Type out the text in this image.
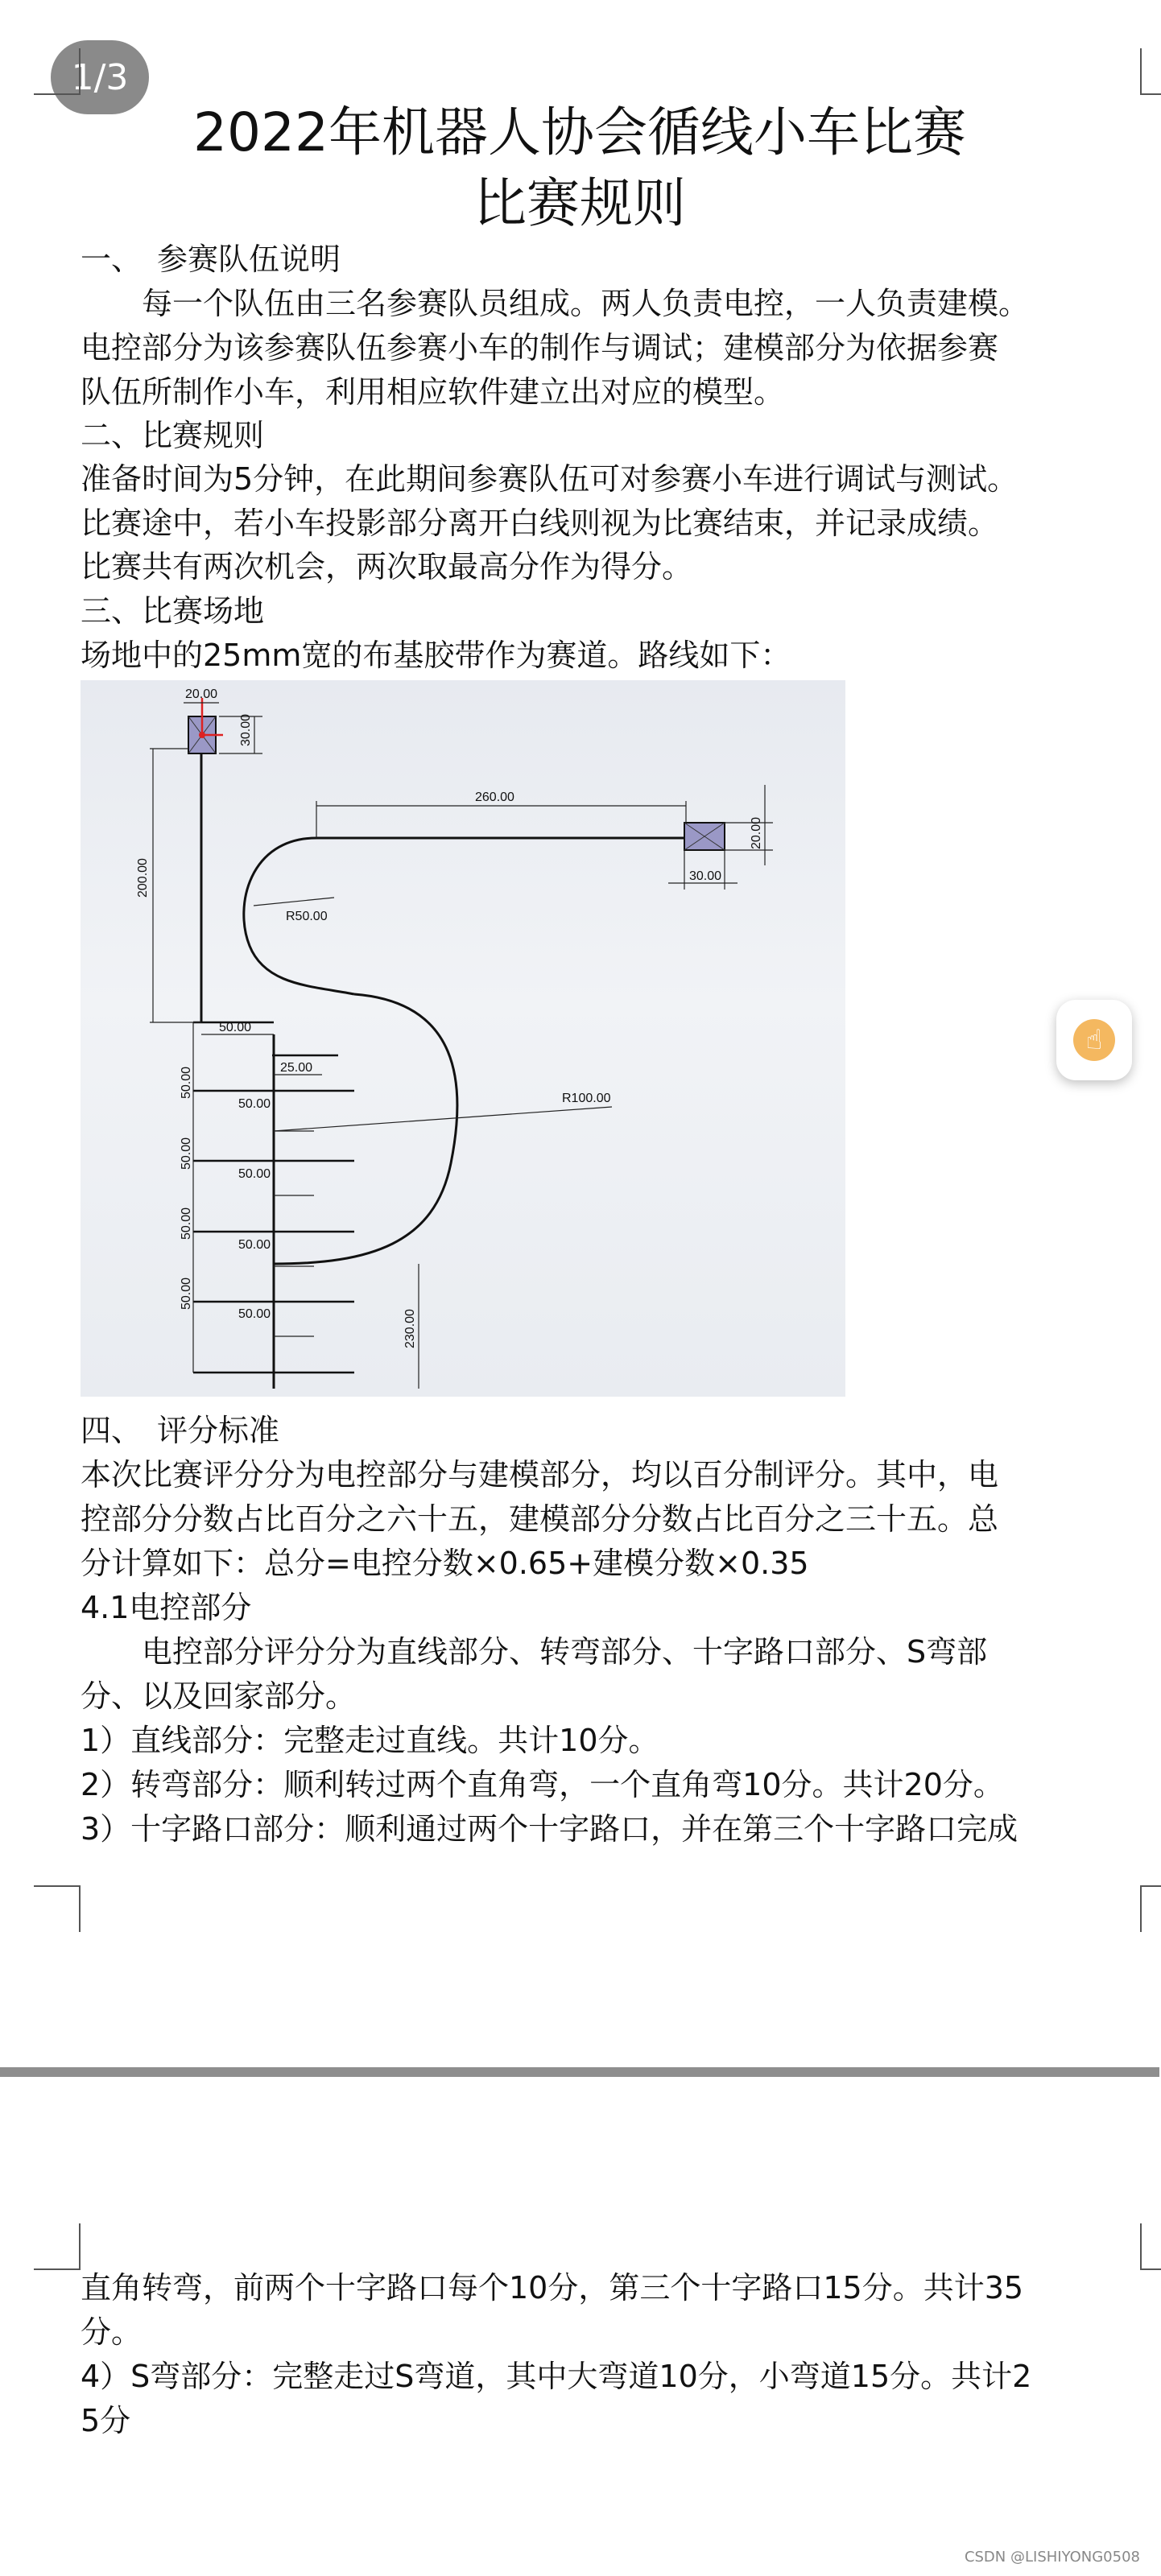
1/3
2022年机器人协会循线小车比赛
比赛规则
一、　参赛队伍说明
　　每一个队伍由三名参赛队员组成。两人负责电控，一人负责建模。
电控部分为该参赛队伍参赛小车的制作与调试；建模部分为依据参赛
队伍所制作小车，利用相应软件建立出对应的模型。
二、比赛规则
准备时间为5分钟，在此期间参赛队伍可对参赛小车进行调试与测试。
比赛途中，若小车投影部分离开白线则视为比赛结束，并记录成绩。
比赛共有两次机会，两次取最高分作为得分。
三、比赛场地
场地中的25mm宽的布基胶带作为赛道。路线如下：
20.00
30.00
200.00
260.00
20.00
30.00
R50.00
50.00
25.00
R100.00
50.00
50.00
50.00
50.00
50.00
50.00
50.00
50.00	230.00
☝
四、　评分标准
本次比赛评分分为电控部分与建模部分，均以百分制评分。其中，电
控部分分数占比百分之六十五，建模部分分数占比百分之三十五。总
分计算如下：总分=电控分数×0.65+建模分数×0.35
4.1电控部分
　　电控部分评分分为直线部分、转弯部分、十字路口部分、S弯部
分、以及回家部分。
1）直线部分：完整走过直线。共计10分。
2）转弯部分：顺利转过两个直角弯，一个直角弯10分。共计20分。
3）十字路口部分：顺利通过两个十字路口，并在第三个十字路口完成
直角转弯，前两个十字路口每个10分，第三个十字路口15分。共计35
分。
4）S弯部分：完整走过S弯道，其中大弯道10分，小弯道15分。共计2
5分
CSDN @LISHIYONG0508
